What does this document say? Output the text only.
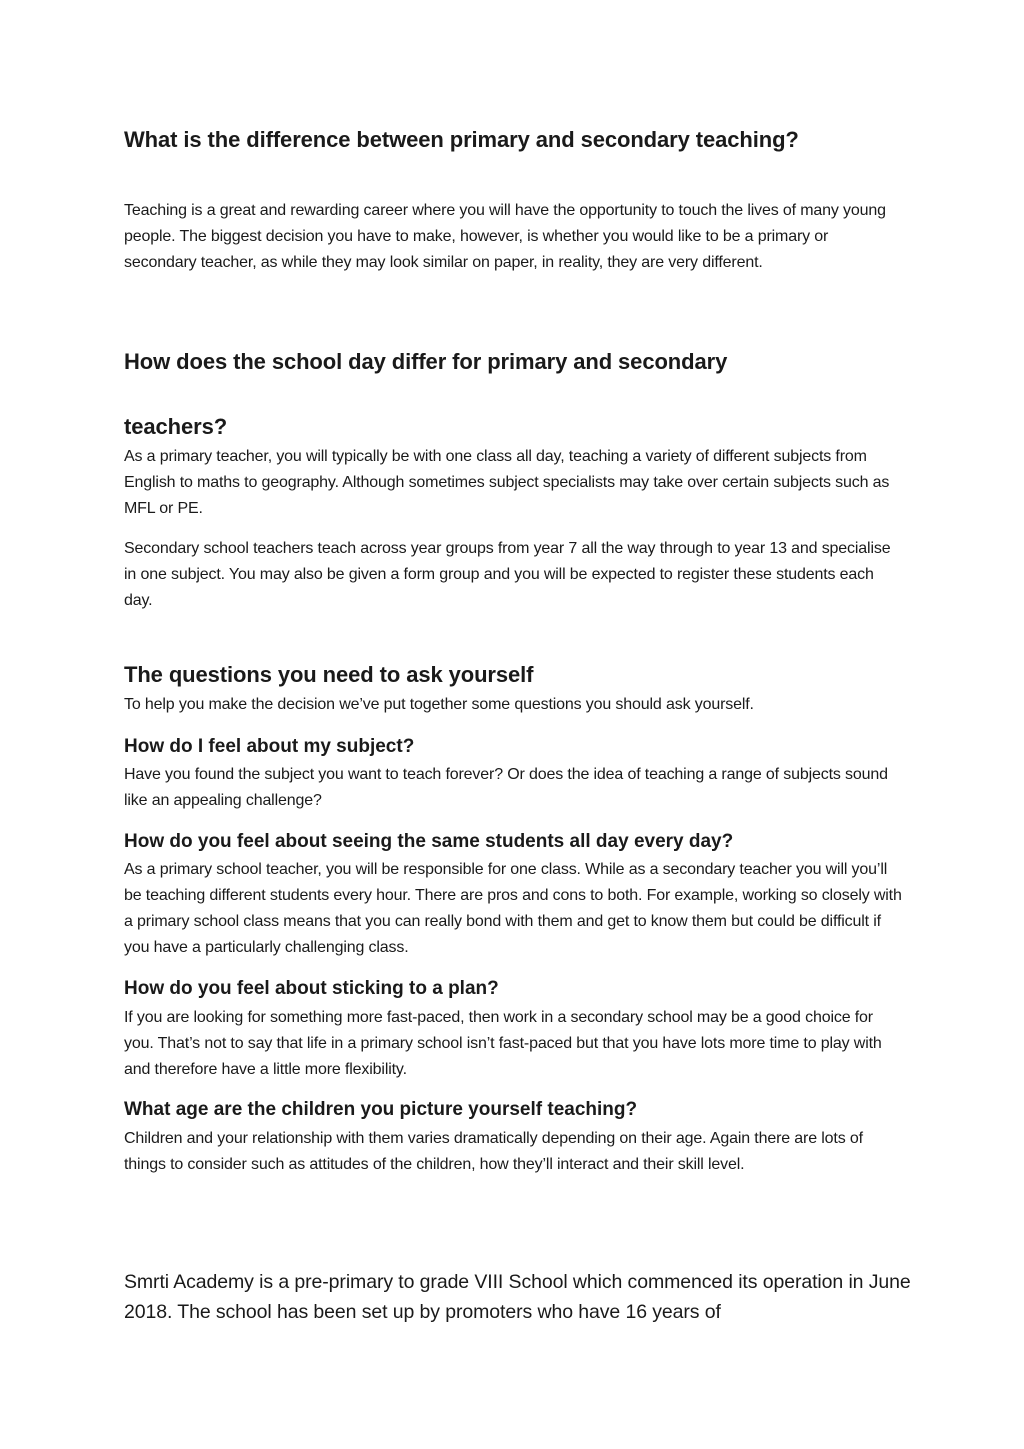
What is the difference between primary and secondary teaching?

Teaching is a great and rewarding career where you will have the opportunity to touch the lives of many young people. The biggest decision you have to make, however, is whether you would like to be a primary or secondary teacher, as while they may look similar on paper, in reality, they are very different.

How does the school day differ for primary and secondary
teachers?

As a primary teacher, you will typically be with one class all day, teaching a variety of different subjects from English to maths to geography. Although sometimes subject specialists may take over certain subjects such as MFL or PE.

Secondary school teachers teach across year groups from year 7 all the way through to year 13 and specialise in one subject. You may also be given a form group and you will be expected to register these students each day.

The questions you need to ask yourself

To help you make the decision we’ve put together some questions you should ask yourself.

How do I feel about my subject?

Have you found the subject you want to teach forever? Or does the idea of teaching a range of subjects sound like an appealing challenge?

How do you feel about seeing the same students all day every day?

As a primary school teacher, you will be responsible for one class. While as a secondary teacher you will you’ll be teaching different students every hour. There are pros and cons to both. For example, working so closely with a primary school class means that you can really bond with them and get to know them but could be difficult if you have a particularly challenging class.

How do you feel about sticking to a plan?

If you are looking for something more fast-paced, then work in a secondary school may be a good choice for you. That’s not to say that life in a primary school isn’t fast-paced but that you have lots more time to play with and therefore have a little more flexibility.

What age are the children you picture yourself teaching?

Children and your relationship with them varies dramatically depending on their age. Again there are lots of things to consider such as attitudes of the children, how they’ll interact and their skill level.

Smrti Academy is a pre-primary to grade VIII School which commenced its operation in June 2018. The school has been set up by promoters who have 16 years of
